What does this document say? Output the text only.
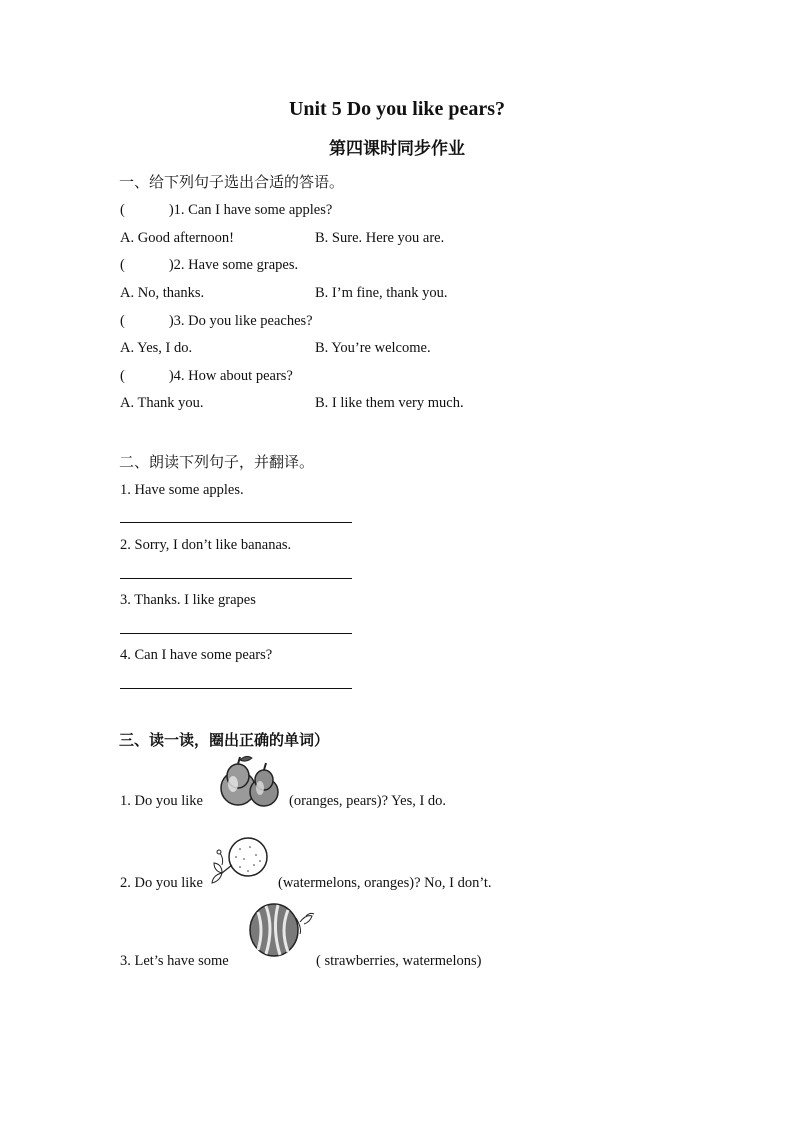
Unit 5 Do you like pears?
第四课时同步作业
一、给下列句子选出合适的答语。
(	)1. Can I have some apples?
A. Good afternoon!	B. Sure. Here you are.
(	)2. Have some grapes.
A. No, thanks.	B. I’m fine, thank you.
(	)3. Do you like peaches?
A. Yes, I do.	B. You’re welcome.
(	)4. How about pears?
A. Thank you.	B. I like them very much.
二、朗读下列句子，并翻译。
1. Have some apples.
2. Sorry, I don’t like bananas.
3. Thanks. I like grapes
4. Can I have some pears?
三、读一读，圈出正确的单词）
1. Do you like	(oranges, pears)? Yes, I do.
2. Do you like	(watermelons, oranges)? No, I don’t.
3. Let’s have some	( strawberries, watermelons)
